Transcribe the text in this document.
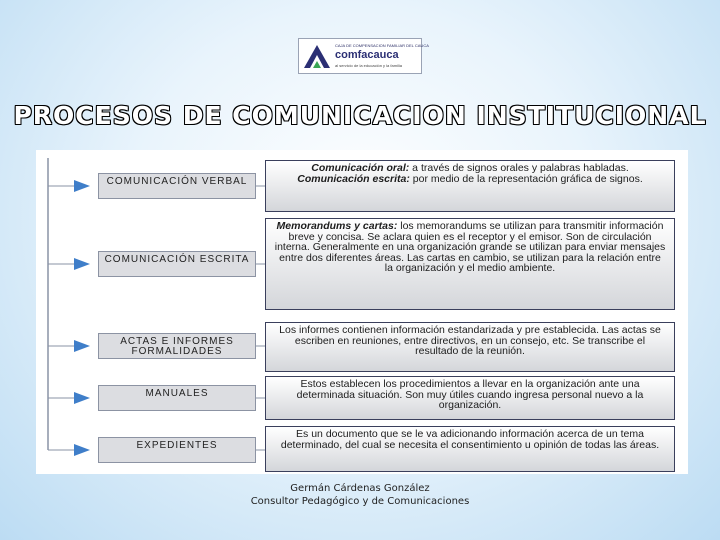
CAJA DE COMPENSACION FAMILIAR DEL CAUCA
comfacauca
al servicio de la educación y la familia
PROCESOS DE COMUNICACION INSTITUCIONAL
COMUNICACIÓN VERBAL
Comunicación oral: a través de signos orales y palabras habladas. Comunicación escrita: por medio de la representación gráfica de signos.
COMUNICACIÓN ESCRITA
Memorandums y cartas: los memorandums se utilizan para transmitir información breve y concisa. Se aclara quien es el receptor y el emisor. Son de circulación interna. Generalmente en una organización grande se utilizan para enviar mensajes entre dos diferentes áreas. Las cartas en cambio, se utilizan para la relación entre la organización y el medio ambiente.
ACTAS E INFORMES FORMALIDADES
Los informes contienen información estandarizada y pre establecida. Las actas se escriben en reuniones, entre directivos, en un consejo, etc. Se transcribe el resultado de la reunión.
MANUALES
Estos establecen los procedimientos a llevar en la organización ante una determinada situación. Son muy útiles cuando ingresa personal nuevo a la organización.
EXPEDIENTES
Es un documento que se le va adicionando información acerca de un tema determinado, del cual se necesita el consentimiento u opinión de todas las áreas.
Germán Cárdenas González
Consultor Pedagógico y de Comunicaciones
